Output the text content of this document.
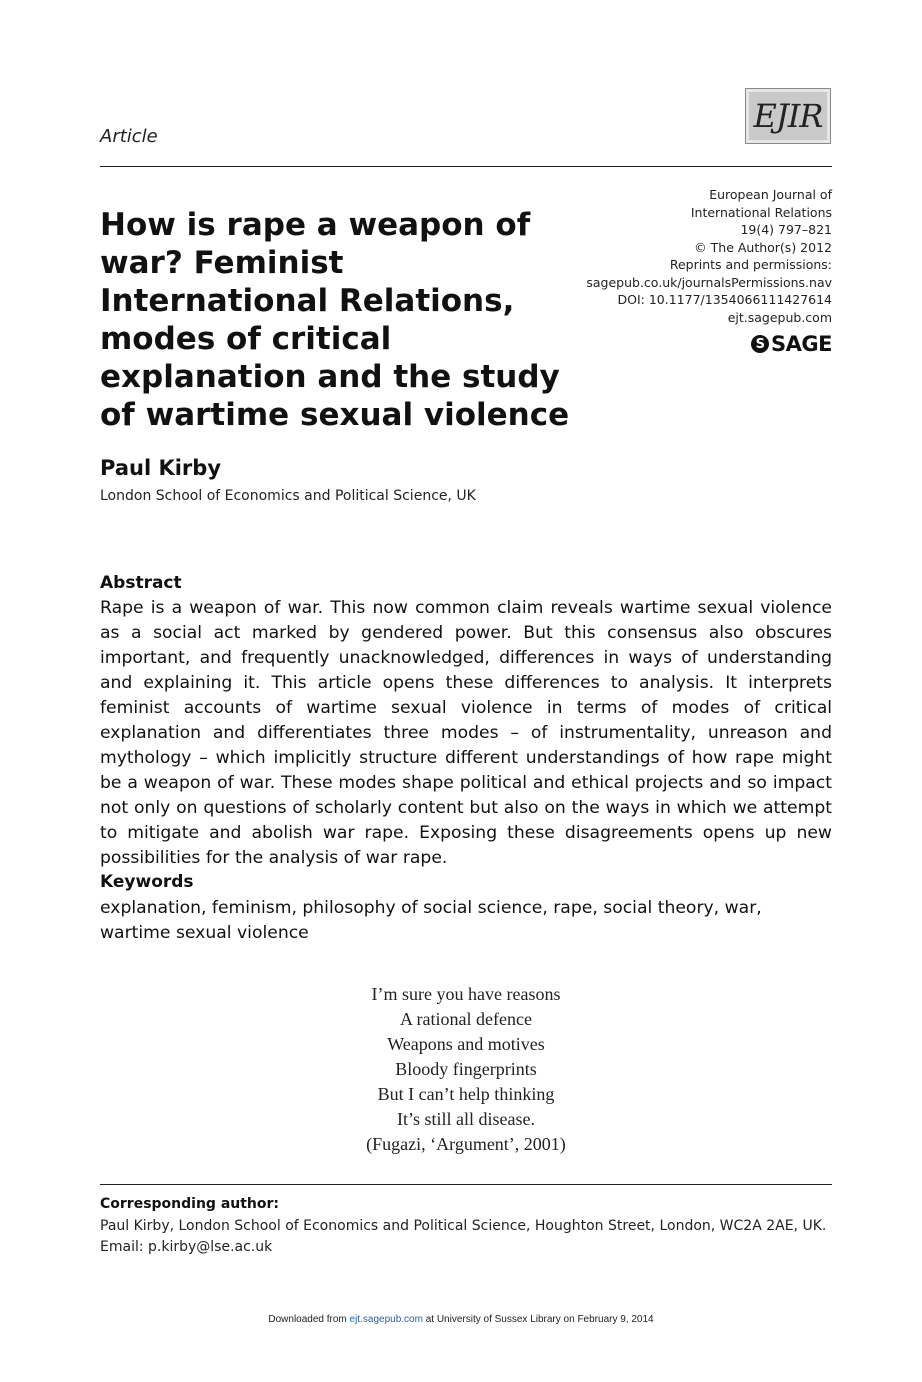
Article
EJIR
How is rape a weapon of war? Feminist International Relations, modes of critical explanation and the study of wartime sexual violence
European Journal of
International Relations
19(4) 797–821
© The Author(s) 2012
Reprints and permissions:
sagepub.co.uk/journalsPermissions.nav
DOI: 10.1177/1354066111427614
ejt.sagepub.com
S SAGE
Paul Kirby
London School of Economics and Political Science, UK
Abstract
Rape is a weapon of war. This now common claim reveals wartime sexual violence as a social act marked by gendered power. But this consensus also obscures important, and frequently unacknowledged, differences in ways of understanding and explaining it. This article opens these differences to analysis. It interprets feminist accounts of wartime sexual violence in terms of modes of critical explanation and differentiates three modes – of instrumentality, unreason and mythology – which implicitly structure different understandings of how rape might be a weapon of war. These modes shape political and ethical projects and so impact not only on questions of scholarly content but also on the ways in which we attempt to mitigate and abolish war rape. Exposing these disagreements opens up new possibilities for the analysis of war rape.
Keywords
explanation, feminism, philosophy of social science, rape, social theory, war, wartime sexual violence
I’m sure you have reasons
A rational defence
Weapons and motives
Bloody fingerprints
But I can’t help thinking
It’s still all disease.
(Fugazi, ‘Argument’, 2001)
Corresponding author:
Paul Kirby, London School of Economics and Political Science, Houghton Street, London, WC2A 2AE, UK.
Email: p.kirby@lse.ac.uk
Downloaded from ejt.sagepub.com at University of Sussex Library on February 9, 2014
